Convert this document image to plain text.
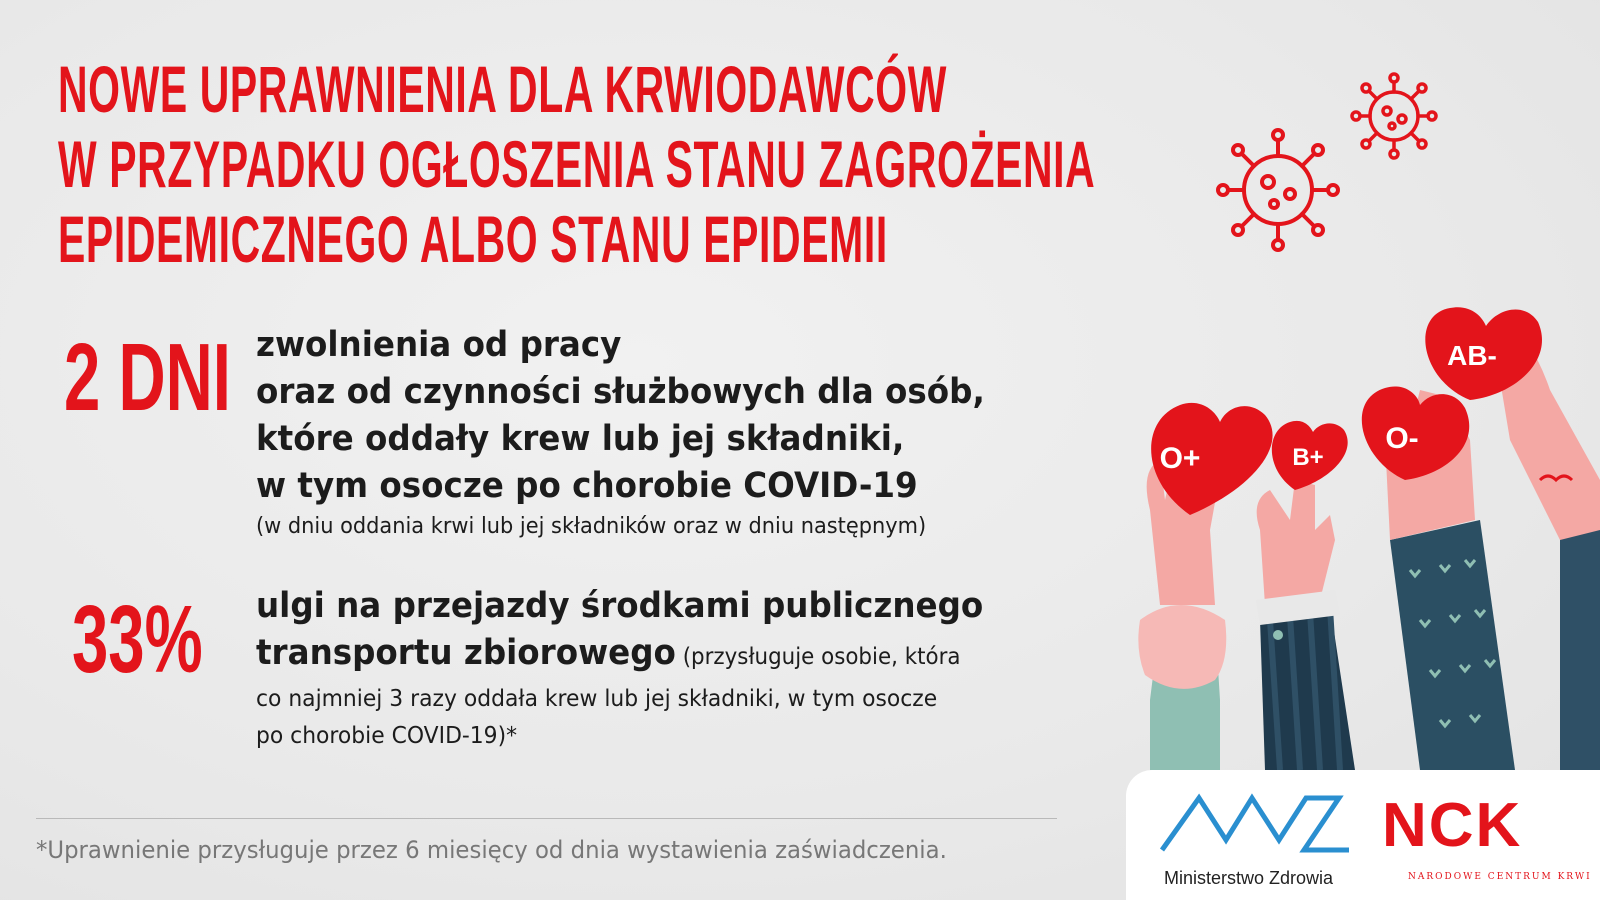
NOWE UPRAWNIENIA DLA KRWIODAWCÓW
W PRZYPADKU OGŁOSZENIA STANU ZAGROŻENIA
EPIDEMICZNEGO ALBO STANU EPIDEMII
2 DNI zwolnienia od pracy
oraz od czynności służbowych dla osób,
które oddały krew lub jej składniki,
w tym osocze po chorobie COVID-19
(w dniu oddania krwi lub jej składników oraz w dniu następnym)
33% ulgi na przejazdy środkami publicznego
transportu zbiorowego (przysługuje osobie, która
co najmniej 3 razy oddała krew lub jej składniki, w tym osocze
po chorobie COVID-19)*
*Uprawnienie przysługuje przez 6 miesięcy od dnia wystawienia zaświadczenia.
O+	B+
O-
AB-
Ministerstwo Zdrowia
NCK
NARODOWE CENTRUM KRWI
